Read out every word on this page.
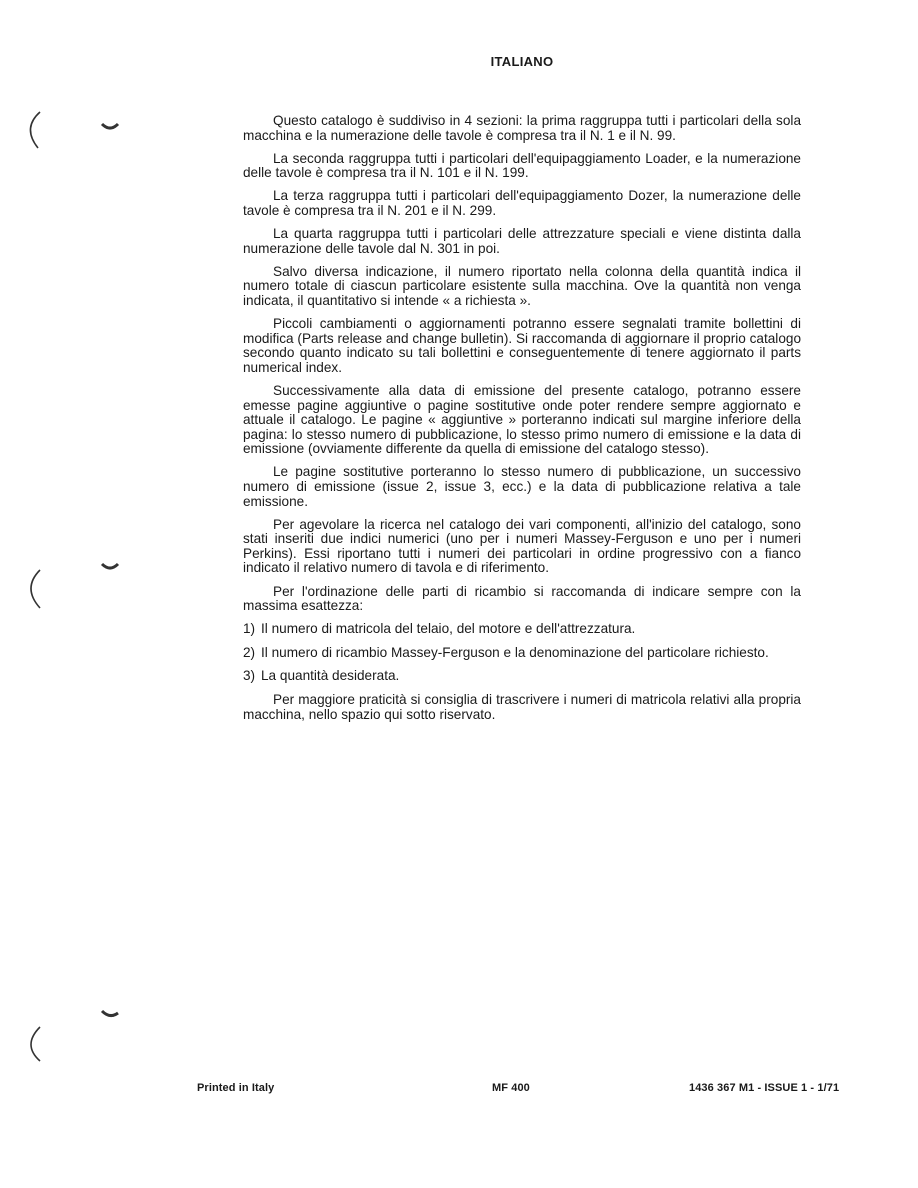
ITALIANO

Questo catalogo è suddiviso in 4 sezioni: la prima raggruppa tutti i particolari della sola macchina e la numerazione delle tavole è compresa tra il N. 1 e il N. 99.

La seconda raggruppa tutti i particolari dell'equipaggiamento Loader, e la numerazione delle tavole è compresa tra il N. 101 e il N. 199.

La terza raggruppa tutti i particolari dell'equipaggiamento Dozer, la numerazione delle tavole è compresa tra il N. 201 e il N. 299.

La quarta raggruppa tutti i particolari delle attrezzature speciali e viene distinta dalla numerazione delle tavole dal N. 301 in poi.

Salvo diversa indicazione, il numero riportato nella colonna della quantità indica il numero totale di ciascun particolare esistente sulla macchina. Ove la quantità non venga indicata, il quantitativo si intende « a richiesta ».

Piccoli cambiamenti o aggiornamenti potranno essere segnalati tramite bollettini di modifica (Parts release and change bulletin). Si raccomanda di aggiornare il proprio catalogo secondo quanto indicato su tali bollettini e conseguentemente di tenere aggiornato il parts numerical index.

Successivamente alla data di emissione del presente catalogo, potranno essere emesse pagine aggiuntive o pagine sostitutive onde poter rendere sempre aggiornato e attuale il catalogo. Le pagine « aggiuntive » porteranno indicati sul margine inferiore della pagina: lo stesso numero di pubblicazione, lo stesso primo numero di emissione e la data di emissione (ovviamente differente da quella di emissione del catalogo stesso).

Le pagine sostitutive porteranno lo stesso numero di pubblicazione, un successivo numero di emissione (issue 2, issue 3, ecc.) e la data di pubblicazione relativa a tale emissione.

Per agevolare la ricerca nel catalogo dei vari componenti, all'inizio del catalogo, sono stati inseriti due indici numerici (uno per i numeri Massey-Ferguson e uno per i numeri Perkins). Essi riportano tutti i numeri dei particolari in ordine progressivo con a fianco indicato il relativo numero di tavola e di riferimento.

Per l'ordinazione delle parti di ricambio si raccomanda di indicare sempre con la massima esattezza:

1) Il numero di matricola del telaio, del motore e dell'attrezzatura.

2) Il numero di ricambio Massey-Ferguson e la denominazione del particolare richiesto.

3) La quantità desiderata.

Per maggiore praticità si consiglia di trascrivere i numeri di matricola relativi alla propria macchina, nello spazio qui sotto riservato.

Printed in Italy	MF 400	1436 367 M1 - ISSUE 1 - 1/71
